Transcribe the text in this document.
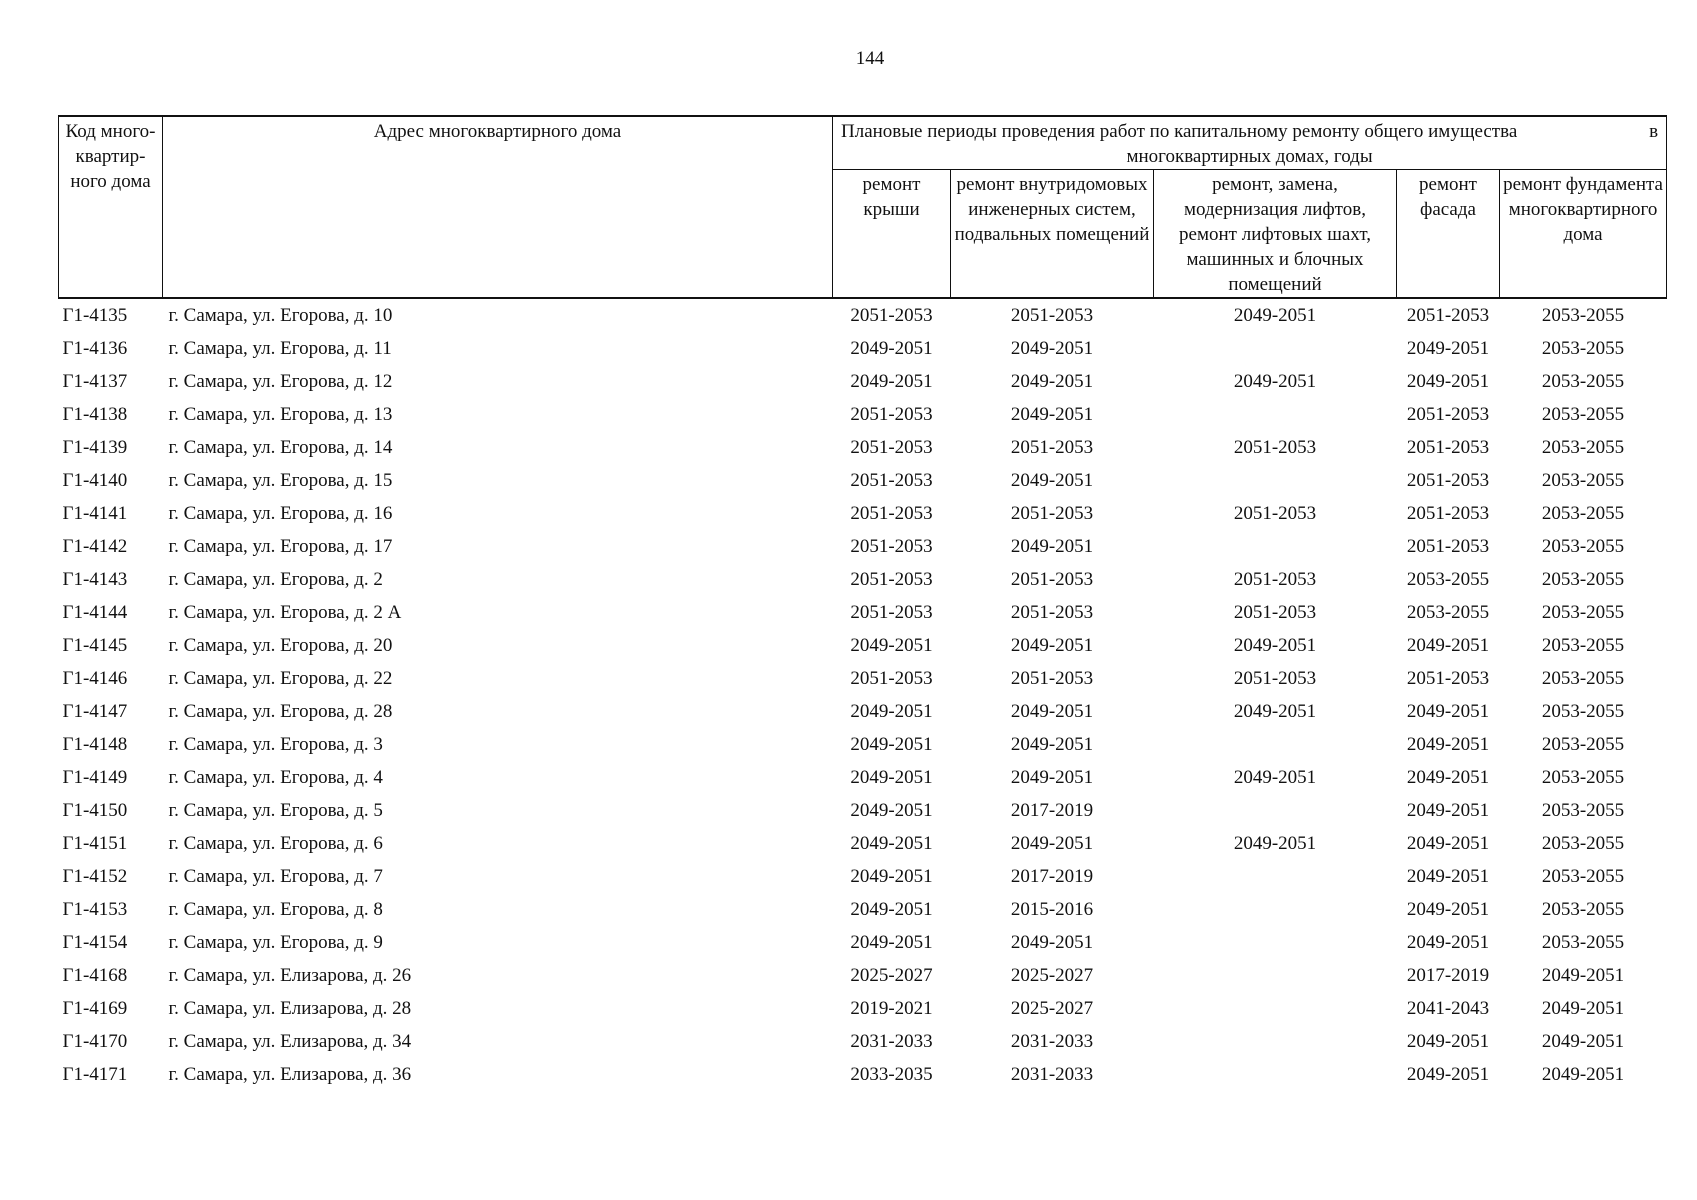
144
Код много-квартир-ного дома	Адрес многоквартирного дома	Плановые периоды проведения работ по капитальному ремонту общего имущества в
многоквартирных домах, годы				

		ремонт крыши	ремонт внутридомовых инженерных систем, подвальных помещений	ремонт, замена, модернизация лифтов, ремонт лифтовых шахт, машинных и блочных помещений	ремонт фасада	ремонт фундамента многоквартирного дома
Г1-4135	г. Самара, ул. Егорова, д. 10	2051-2053	2051-2053	2049-2051	2051-2053	2053-2055
Г1-4136	г. Самара, ул. Егорова, д. 11	2049-2051	2049-2051		2049-2051	2053-2055
Г1-4137	г. Самара, ул. Егорова, д. 12	2049-2051	2049-2051	2049-2051	2049-2051	2053-2055
Г1-4138	г. Самара, ул. Егорова, д. 13	2051-2053	2049-2051		2051-2053	2053-2055
Г1-4139	г. Самара, ул. Егорова, д. 14	2051-2053	2051-2053	2051-2053	2051-2053	2053-2055
Г1-4140	г. Самара, ул. Егорова, д. 15	2051-2053	2049-2051		2051-2053	2053-2055
Г1-4141	г. Самара, ул. Егорова, д. 16	2051-2053	2051-2053	2051-2053	2051-2053	2053-2055
Г1-4142	г. Самара, ул. Егорова, д. 17	2051-2053	2049-2051		2051-2053	2053-2055
Г1-4143	г. Самара, ул. Егорова, д. 2	2051-2053	2051-2053	2051-2053	2053-2055	2053-2055
Г1-4144	г. Самара, ул. Егорова, д. 2 А	2051-2053	2051-2053	2051-2053	2053-2055	2053-2055
Г1-4145	г. Самара, ул. Егорова, д. 20	2049-2051	2049-2051	2049-2051	2049-2051	2053-2055
Г1-4146	г. Самара, ул. Егорова, д. 22	2051-2053	2051-2053	2051-2053	2051-2053	2053-2055
Г1-4147	г. Самара, ул. Егорова, д. 28	2049-2051	2049-2051	2049-2051	2049-2051	2053-2055
Г1-4148	г. Самара, ул. Егорова, д. 3	2049-2051	2049-2051		2049-2051	2053-2055
Г1-4149	г. Самара, ул. Егорова, д. 4	2049-2051	2049-2051	2049-2051	2049-2051	2053-2055
Г1-4150	г. Самара, ул. Егорова, д. 5	2049-2051	2017-2019		2049-2051	2053-2055
Г1-4151	г. Самара, ул. Егорова, д. 6	2049-2051	2049-2051	2049-2051	2049-2051	2053-2055
Г1-4152	г. Самара, ул. Егорова, д. 7	2049-2051	2017-2019		2049-2051	2053-2055
Г1-4153	г. Самара, ул. Егорова, д. 8	2049-2051	2015-2016		2049-2051	2053-2055
Г1-4154	г. Самара, ул. Егорова, д. 9	2049-2051	2049-2051		2049-2051	2053-2055
Г1-4168	г. Самара, ул. Елизарова, д. 26	2025-2027	2025-2027		2017-2019	2049-2051
Г1-4169	г. Самара, ул. Елизарова, д. 28	2019-2021	2025-2027		2041-2043	2049-2051
Г1-4170	г. Самара, ул. Елизарова, д. 34	2031-2033	2031-2033		2049-2051	2049-2051
Г1-4171	г. Самара, ул. Елизарова, д. 36	2033-2035	2031-2033		2049-2051	2049-2051
